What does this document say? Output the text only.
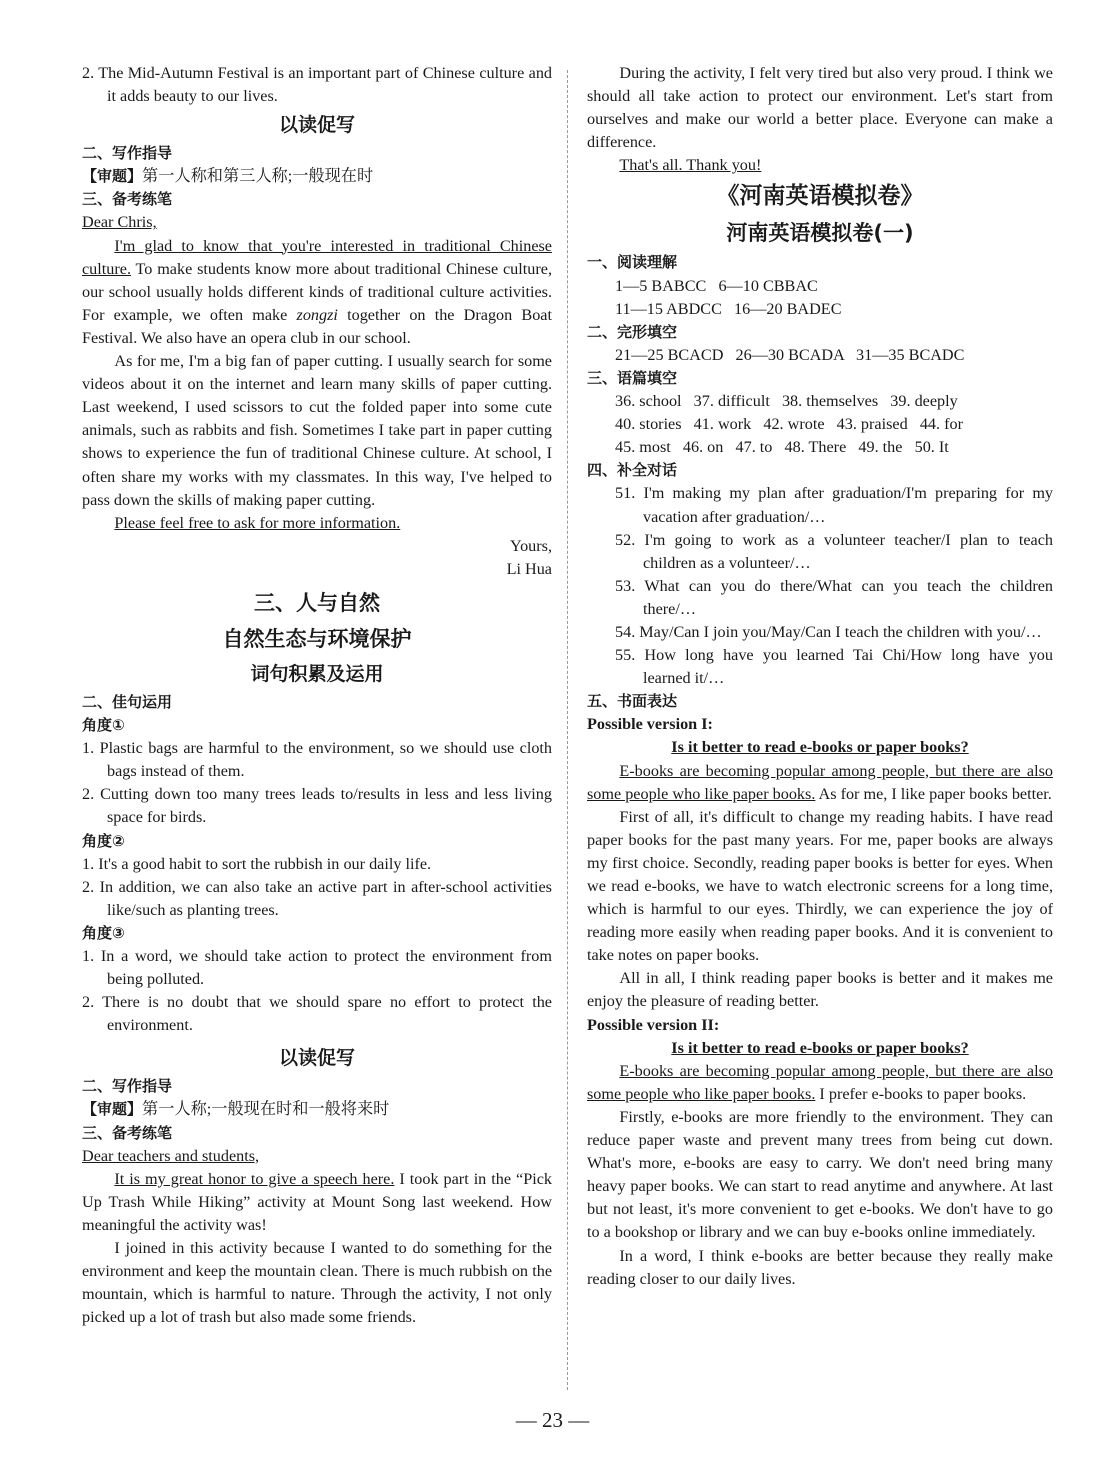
2. The Mid-Autumn Festival is an important part of Chinese culture and it adds beauty to our lives.

以读促写
二、写作指导

【审题】第一人称和第三人称;一般现在时

三、备考练笔

Dear Chris,

I'm glad to know that you're interested in traditional Chinese culture. To make students know more about traditional Chinese culture, our school usually holds different kinds of traditional culture activities. For example, we often make zongzi together on the Dragon Boat Festival. We also have an opera club in our school.

As for me, I'm a big fan of paper cutting. I usually search for some videos about it on the internet and learn many skills of paper cutting. Last weekend, I used scissors to cut the folded paper into some cute animals, such as rabbits and fish. Sometimes I take part in paper cutting shows to experience the fun of traditional Chinese culture. At school, I often share my works with my classmates. In this way, I've helped to pass down the skills of making paper cutting.

Please feel free to ask for more information.

Yours,

Li Hua

三、人与自然
自然生态与环境保护
词句积累及运用
二、佳句运用
角度①

1. Plastic bags are harmful to the environment, so we should use cloth bags instead of them.

2. Cutting down too many trees leads to/results in less and less living space for birds.

角度②

1. It's a good habit to sort the rubbish in our daily life.

2. In addition, we can also take an active part in after-school activities like/such as planting trees.

角度③

1. In a word, we should take action to protect the environment from being polluted.

2. There is no doubt that we should spare no effort to protect the environment.

以读促写
二、写作指导

【审题】第一人称;一般现在时和一般将来时

三、备考练笔

Dear teachers and students,

It is my great honor to give a speech here. I took part in the “Pick Up Trash While Hiking” activity at Mount Song last weekend. How meaningful the activity was!

I joined in this activity because I wanted to do something for the environment and keep the mountain clean. There is much rubbish on the mountain, which is harmful to nature. Through the activity, I not only picked up a lot of trash but also made some friends.

During the activity, I felt very tired but also very proud. I think we should all take action to protect our environment. Let's start from ourselves and make our world a better place. Everyone can make a difference.

That's all. Thank you!

《河南英语模拟卷》
河南英语模拟卷(一)
一、阅读理解

1—5 BABCC   6—10 CBBAC

11—15 ABDCC   16—20 BADEC

二、完形填空

21—25 BCACD   26—30 BCADA   31—35 BCADC

三、语篇填空

36. school   37. difficult   38. themselves   39. deeply

40. stories   41. work   42. wrote   43. praised   44. for

45. most   46. on   47. to   48. There   49. the   50. It

四、补全对话

51. I'm making my plan after graduation/I'm preparing for my vacation after graduation/…

52. I'm going to work as a volunteer teacher/I plan to teach children as a volunteer/…

53. What can you do there/What can you teach the children there/…

54. May/Can I join you/May/Can I teach the children with you/…

55. How long have you learned Tai Chi/How long have you learned it/…

五、书面表达

Possible version I:

Is it better to read e-books or paper books?

E-books are becoming popular among people, but there are also some people who like paper books. As for me, I like paper books better.

First of all, it's difficult to change my reading habits. I have read paper books for the past many years. For me, paper books are always my first choice. Secondly, reading paper books is better for eyes. When we read e-books, we have to watch electronic screens for a long time, which is harmful to our eyes. Thirdly, we can experience the joy of reading more easily when reading paper books. And it is convenient to take notes on paper books.

All in all, I think reading paper books is better and it makes me enjoy the pleasure of reading better.

Possible version II:

Is it better to read e-books or paper books?

E-books are becoming popular among people, but there are also some people who like paper books. I prefer e-books to paper books.

Firstly, e-books are more friendly to the environment. They can reduce paper waste and prevent many trees from being cut down. What's more, e-books are easy to carry. We don't need bring many heavy paper books. We can start to read anytime and anywhere. At last but not least, it's more convenient to get e-books. We don't have to go to a bookshop or library and we can buy e-books online immediately.

In a word, I think e-books are better because they really make reading closer to our daily lives.

— 23 —
